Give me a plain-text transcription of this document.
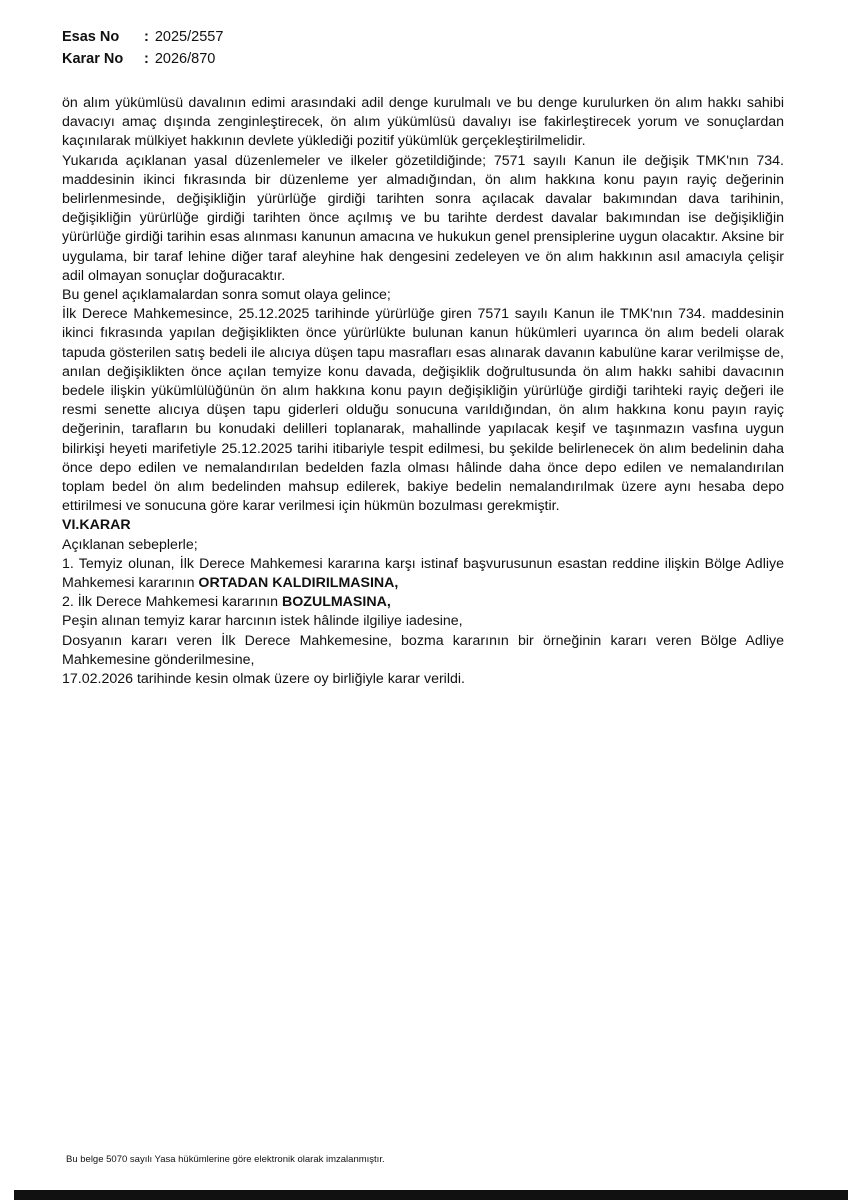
Esas No	: 2025/2557
Karar No	: 2026/870

ön alım yükümlüsü davalının edimi arasındaki adil denge kurulmalı ve bu denge kurulurken ön alım hakkı sahibi davacıyı amaç dışında zenginleştirecek, ön alım yükümlüsü davalıyı ise fakirleştirecek yorum ve sonuçlardan kaçınılarak mülkiyet hakkının devlete yüklediği pozitif yükümlük gerçekleştirilmelidir.

Yukarıda açıklanan yasal düzenlemeler ve ilkeler gözetildiğinde; 7571 sayılı Kanun ile değişik TMK'nın 734. maddesinin ikinci fıkrasında bir düzenleme yer almadığından, ön alım hakkına konu payın rayiç değerinin belirlenmesinde, değişikliğin yürürlüğe girdiği tarihten sonra açılacak davalar bakımından dava tarihinin, değişikliğin yürürlüğe girdiği tarihten önce açılmış ve bu tarihte derdest davalar bakımından ise değişikliğin yürürlüğe girdiği tarihin esas alınması kanunun amacına ve hukukun genel prensiplerine uygun olacaktır. Aksine bir uygulama, bir taraf lehine diğer taraf aleyhine hak dengesini zedeleyen ve ön alım hakkının asıl amacıyla çelişir adil olmayan sonuçlar doğuracaktır.

Bu genel açıklamalardan sonra somut olaya gelince;

İlk Derece Mahkemesince, 25.12.2025 tarihinde yürürlüğe giren 7571 sayılı Kanun ile TMK'nın 734. maddesinin ikinci fıkrasında yapılan değişiklikten önce yürürlükte bulunan kanun hükümleri uyarınca ön alım bedeli olarak tapuda gösterilen satış bedeli ile alıcıya düşen tapu masrafları esas alınarak davanın kabulüne karar verilmişse de, anılan değişiklikten önce açılan temyize konu davada, değişiklik doğrultusunda ön alım hakkı sahibi davacının bedele ilişkin yükümlülüğünün ön alım hakkına konu payın değişikliğin yürürlüğe girdiği tarihteki rayiç değeri ile resmi senette alıcıya düşen tapu giderleri olduğu sonucuna varıldığından, ön alım hakkına konu payın rayiç değerinin, tarafların bu konudaki delilleri toplanarak, mahallinde yapılacak keşif ve taşınmazın vasfına uygun bilirkişi heyeti marifetiyle 25.12.2025 tarihi itibariyle tespit edilmesi, bu şekilde belirlenecek ön alım bedelinin daha önce depo edilen ve nemalandırılan bedelden fazla olması hâlinde daha önce depo edilen ve nemalandırılan toplam bedel ön alım bedelinden mahsup edilerek, bakiye bedelin nemalandırılmak üzere aynı hesaba depo ettirilmesi ve sonucuna göre karar verilmesi için hükmün bozulması gerekmiştir.

VI.KARAR

Açıklanan sebeplerle;

1. Temyiz olunan, İlk Derece Mahkemesi kararına karşı istinaf başvurusunun esastan reddine ilişkin Bölge Adliye Mahkemesi kararının ORTADAN KALDIRILMASINA,

2. İlk Derece Mahkemesi kararının BOZULMASINA,

Peşin alınan temyiz karar harcının istek hâlinde ilgiliye iadesine,

Dosyanın kararı veren İlk Derece Mahkemesine, bozma kararının bir örneğinin kararı veren Bölge Adliye Mahkemesine gönderilmesine,

17.02.2026 tarihinde kesin olmak üzere oy birliğiyle karar verildi.

Bu belge 5070 sayılı Yasa hükümlerine göre elektronik olarak imzalanmıştır.
